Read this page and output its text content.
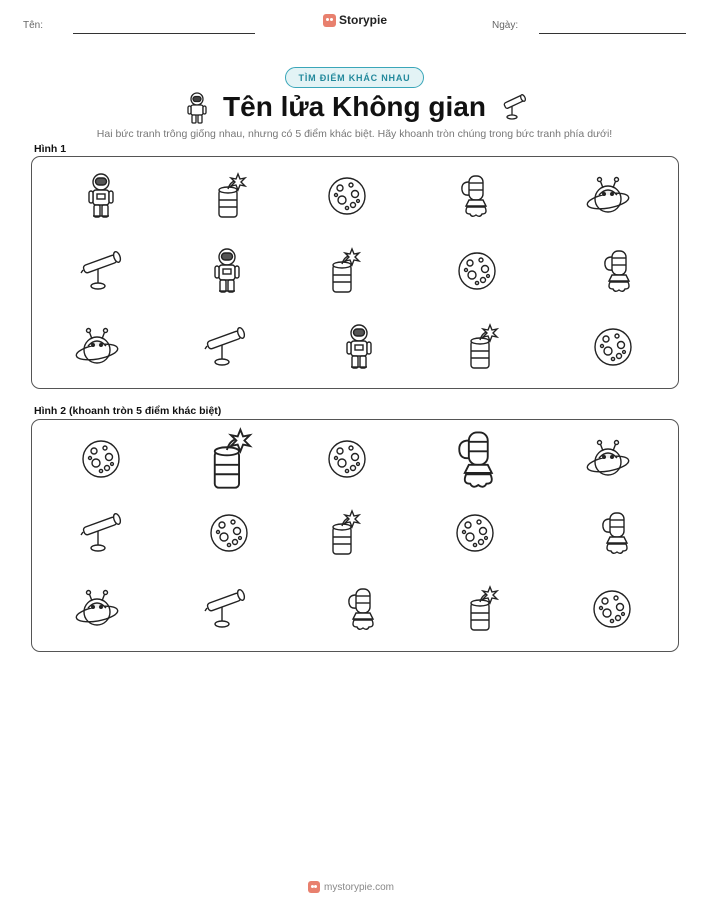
Tên:	Storypie	Ngày:
TÌM ĐIỂM KHÁC NHAU
Tên lửa Không gian
Hai bức tranh trông giống nhau, nhưng có 5 điểm khác biệt. Hãy khoanh tròn chúng trong bức tranh phía dưới!
Hình 1
Hình 2 (khoanh tròn 5 điểm khác biệt)
mystorypie.com
